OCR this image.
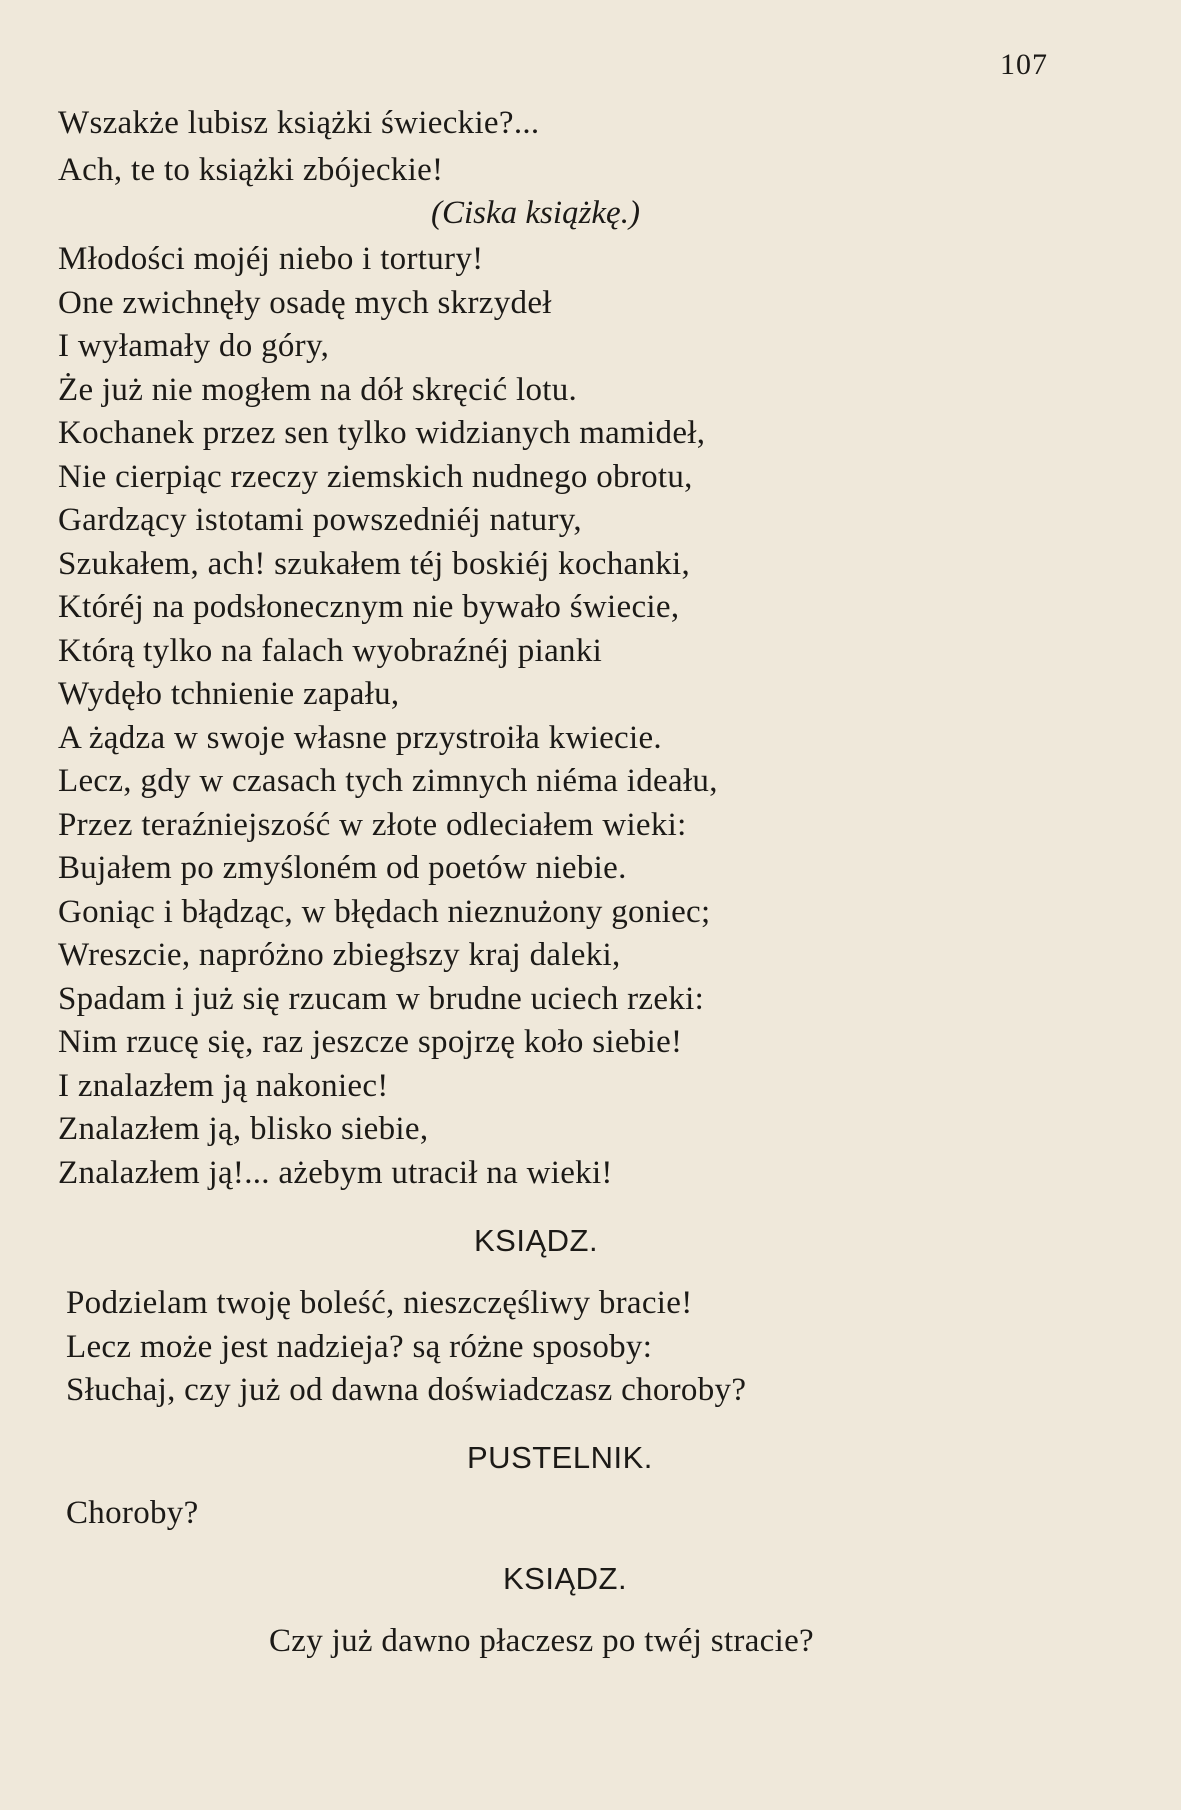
107
Wszakże lubisz książki świeckie?...
Ach, te to książki zbójeckie!
(Ciska książkę.)
Młodości mojéj niebo i tortury!
One zwichnęły osadę mych skrzydeł
I wyłamały do góry,
Że już nie mogłem na dół skręcić lotu.
Kochanek przez sen tylko widzianych mamideł,
Nie cierpiąc rzeczy ziemskich nudnego obrotu,
Gardzący istotami powszedniéj natury,
Szukałem, ach! szukałem téj boskiéj kochanki,
Któréj na podsłonecznym nie bywało świecie,
Którą tylko na falach wyobraźnéj pianki
Wydęło tchnienie zapału,
A żądza w swoje własne przystroiła kwiecie.
Lecz, gdy w czasach tych zimnych niéma ideału,
Przez teraźniejszość w złote odleciałem wieki:
Bujałem po zmyśloném od poetów niebie.
Goniąc i błądząc, w błędach nieznużony goniec;
Wreszcie, napróżno zbiegłszy kraj daleki,
Spadam i już się rzucam w brudne uciech rzeki:
Nim rzucę się, raz jeszcze spojrzę koło siebie!
I znalazłem ją nakoniec!
Znalazłem ją, blisko siebie,
Znalazłem ją!... ażebym utracił na wieki!
KSIĄDZ.
Podzielam twoję boleść, nieszczęśliwy bracie!
Lecz może jest nadzieja? są różne sposoby:
Słuchaj, czy już od dawna doświadczasz choroby?
PUSTELNIK.
Choroby?
KSIĄDZ.
Czy już dawno płaczesz po twéj stracie?
